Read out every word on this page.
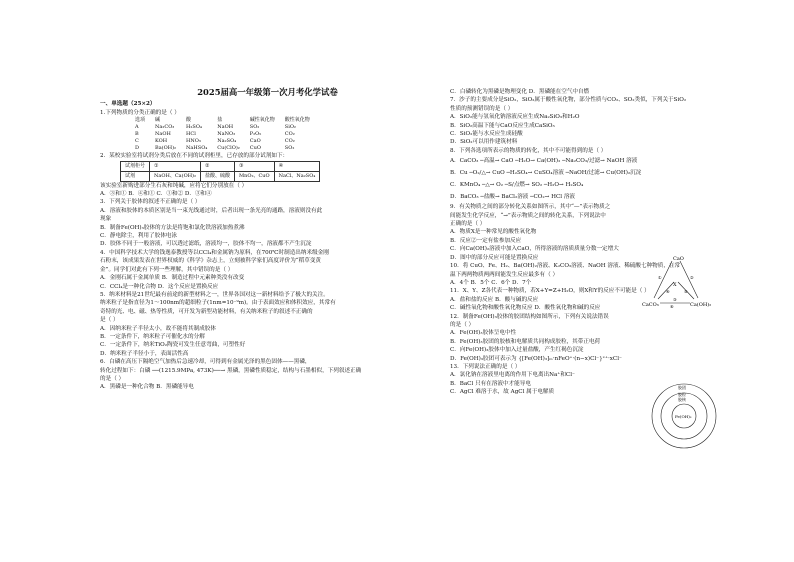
2025届高一年级第一次月考化学试卷
一、单选题（25×2）
1.下列物质的分类正确的是（ ）
选项	碱	酸	盐	碱性氧化物	酸性氧化物
A	Na₂CO₃	H₂SO₄	NaOH	SO₂	SiO₂
B	NaOH	HCl	NaNO₃	P₂O₅	CO₂
C	KOH	HNO₃	Na₂SO₄	CaO	CO₂
D	Ba(OH)₂	NaHSO₄	Cu(ClO)₂	CuO	SO₂
2．某校实验室将试剂分类后放在不同的试剂柜里，已存放的部分试剂如下：
试剂柜号	①	②	③	④
试剂	NaOH、Ca(OH)₂	盐酸、硫酸	MnO₂、CuO	NaCl、Na₂SO₄
该实验室新购进部分生石灰和纯碱，应将它们分别放在（ ）
A．③和① B．④和① C．①和② D．③和④
3．下列关于胶体的叙述不正确的是（ ）
A．溶液和胶体的本质区别是当一束光线通过时，后者出现一条光亮的通路，溶液则没有此
现象
B．制备Fe(OH)₃胶体的方法是将饱和氯化铁溶液加热煮沸
C．静电除尘，利用了胶体电泳
D．胶体不同于一般溶液，可以透过滤纸，溶液均一，胶体不均一，溶液都不产生沉淀
4．中国科学技术大学的钱逸泰教授等以CCl₄和金属钠为原料，在700℃时制造出纳米级金刚
石粉末，该成果发表在世界权威的《科学》杂志上，立刻被科学家们高度评价为“稻草变黄
金”。同学们对此有下列一些理解，其中错误的是（ ）
A．金刚石属于金属单质 B．制造过程中元素种类没有改变
C．CCl₄是一种化合物 D．这个反应是置换反应
5．纳米材料是21世纪最有前途的新型材料之一，世界各国对这一新材料给予了极大的关注。
纳米粒子是指直径为1～100nm的超细粒子(1nm=10⁻⁹m)。由于表面效应和体积效应，其常有
奇特的光、电、磁、热等性质，可开发为新型功能材料，有关纳米粒子的叙述不正确的
是（ ）
A．因纳米粒子半径太小，故不能将其制成胶体
B．一定条件下，纳米粒子可催化水的分解
C．一定条件下，纳米TiO₂陶瓷可发生任意弯曲，可塑性好
D．纳米粒子半径小于，表面活性高
6．白磷在高压下隔绝空气加热后急速冷却，可得到有金属光泽的黑色固体——黑磷，
转化过程如下：白磷 ──(1215.9MPa, 473K)──→ 黑磷，黑磷性质稳定，结构与石墨相似，下列叙述正确
的是（ ）
A．黑磷是一种化合物 B．黑磷能导电
C．白磷转化为黑磷是物理变化 D．黑磷能在空气中自燃
7．沙子的主要成分是SiO₂，SiO₂属于酸性氧化物，部分性质与CO₂、SO₂类似，下列关于SiO₂
性质的预测错误的是（ ）
A．SiO₂能与氢氧化钠溶液反应生成Na₂SiO₃和H₂O
B．SiO₂高温下能与CaO反应生成CaSiO₃
C．SiO₂能与水反应生成硅酸
D．SiO₂可以用作建筑材料
8．下列各选项所表示的物质的转化，其中不可能得到的是（ ）
A．CaCO₃ ─高温→ CaO ─H₂O→ Ca(OH)₂ ─Na₂CO₃/过滤→ NaOH 溶液
B．Cu ─O₂/△→ CuO ─H₂SO₄→ CuSO₄溶液 ─NaOH/过滤→ Cu(OH)₂沉淀
C．KMnO₄ ─△→ O₂ ─S/点燃→ SO₂ ─H₂O→ H₂SO₄
D．BaCO₃ ─盐酸→ BaCl₂溶液 ─CO₂→ HCl 溶液
9．有关物质之间的部分转化关系如图所示，其中“—”表示物质之
间能发生化学反应，“→”表示物质之间的转化关系，下列说法中
正确的是（ ）
A．物质X是一种常见的酸性氧化物
B．反应②一定有盐参加反应
C．向Ca(OH)₂溶液中加入CaO，所得溶液的溶质质量分数一定增大
D．图中的部分反应可能是置换反应
10．将 CuO、Fe、H₂、Ba(OH)₂溶液、K₂CO₃溶液、NaOH 溶液、稀硫酸七种物质，在常
温下两两物质两两间能发生反应最多有（ ）
A．4个 B．5个 C．6个 D．7个
11．X、Y、Z各代表一种物质，若X+Y=Z+H₂O，则X和Y的反应不可能是（ ）
A．盐和盐的反应 B．酸与碱的反应
C．碱性氧化物和酸性氧化物反应 D．酸性氧化物和碱的反应
12．制备Fe(OH)₃胶体的胶团结构如图所示，下列有关说法错误
的是（ ）
A．Fe(OH)₃胶体呈电中性
B．Fe(OH)₃胶团的胶核和电解质共同构成胶粒，其带正电荷
C．向Fe(OH)₃胶体中加入过量盐酸，产生红褐色沉淀
D．Fe(OH)₃胶团可表示为 {[Fe(OH)₃]ₘ·nFeO⁺·(n−x)Cl⁻}ˣ⁺·xCl⁻
13．下列说法正确的是（ ）
A．氯化钠在溶液里电离的作用下电离出Na⁺和Cl⁻
B．BaCl 只有在溶液中才能导电
C．AgCl 难溶于水，故 AgCl 属于电解质
CaO
X
CaCO₃	Ca(OH)₂
①	②
③
④	⑤
⑥
Fe(OH)₃
胶核
胶粒
胶团
